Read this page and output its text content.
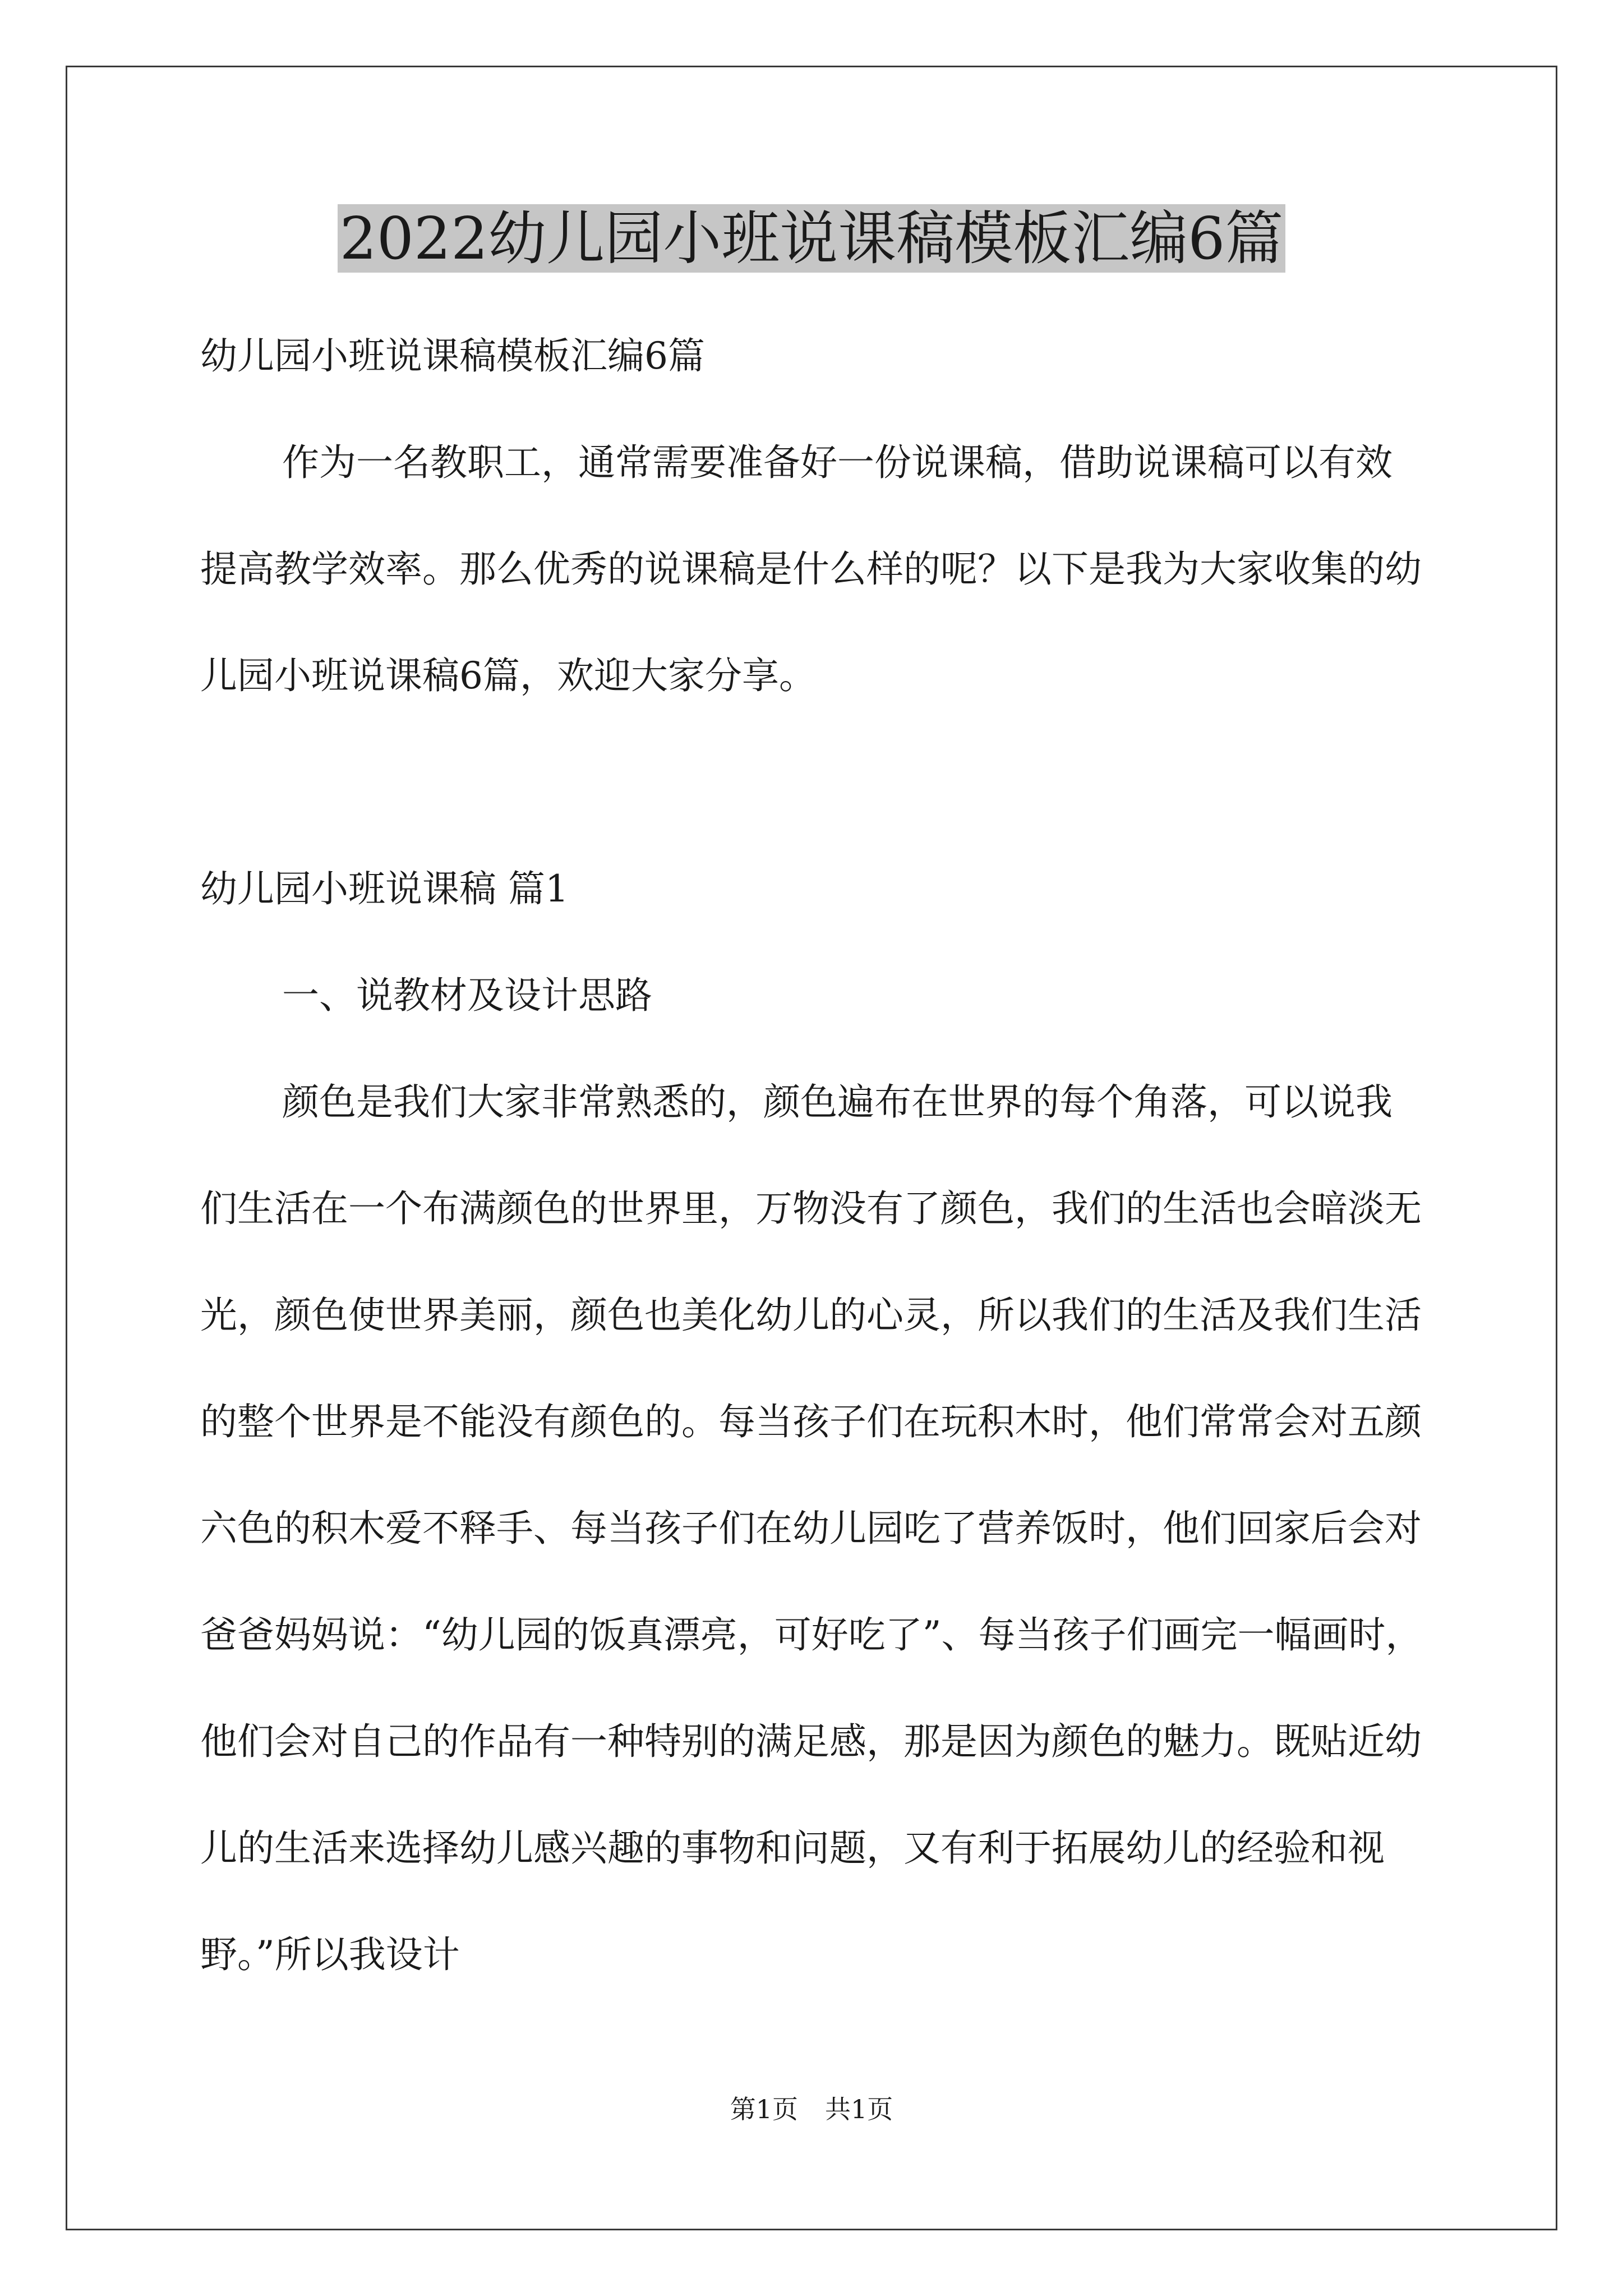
2022幼儿园小班说课稿模板汇编6篇

幼儿园小班说课稿模板汇编6篇

作为一名教职工，通常需要准备好一份说课稿，借助说课稿可以有效提高教学效率。那么优秀的说课稿是什么样的呢？以下是我为大家收集的幼儿园小班说课稿6篇，欢迎大家分享。

幼儿园小班说课稿 篇1

一、说教材及设计思路

颜色是我们大家非常熟悉的，颜色遍布在世界的每个角落，可以说我们生活在一个布满颜色的世界里，万物没有了颜色，我们的生活也会暗淡无光，颜色使世界美丽，颜色也美化幼儿的心灵，所以我们的生活及我们生活的整个世界是不能没有颜色的。每当孩子们在玩积木时，他们常常会对五颜六色的积木爱不释手、每当孩子们在幼儿园吃了营养饭时，他们回家后会对爸爸妈妈说：“幼儿园的饭真漂亮，可好吃了”、每当孩子们画完一幅画时，他们会对自己的作品有一种特别的满足感，那是因为颜色的魅力。既贴近幼儿的生活来选择幼儿感兴趣的事物和问题，又有利于拓展幼儿的经验和视野。”所以我设计

第1页 共1页
